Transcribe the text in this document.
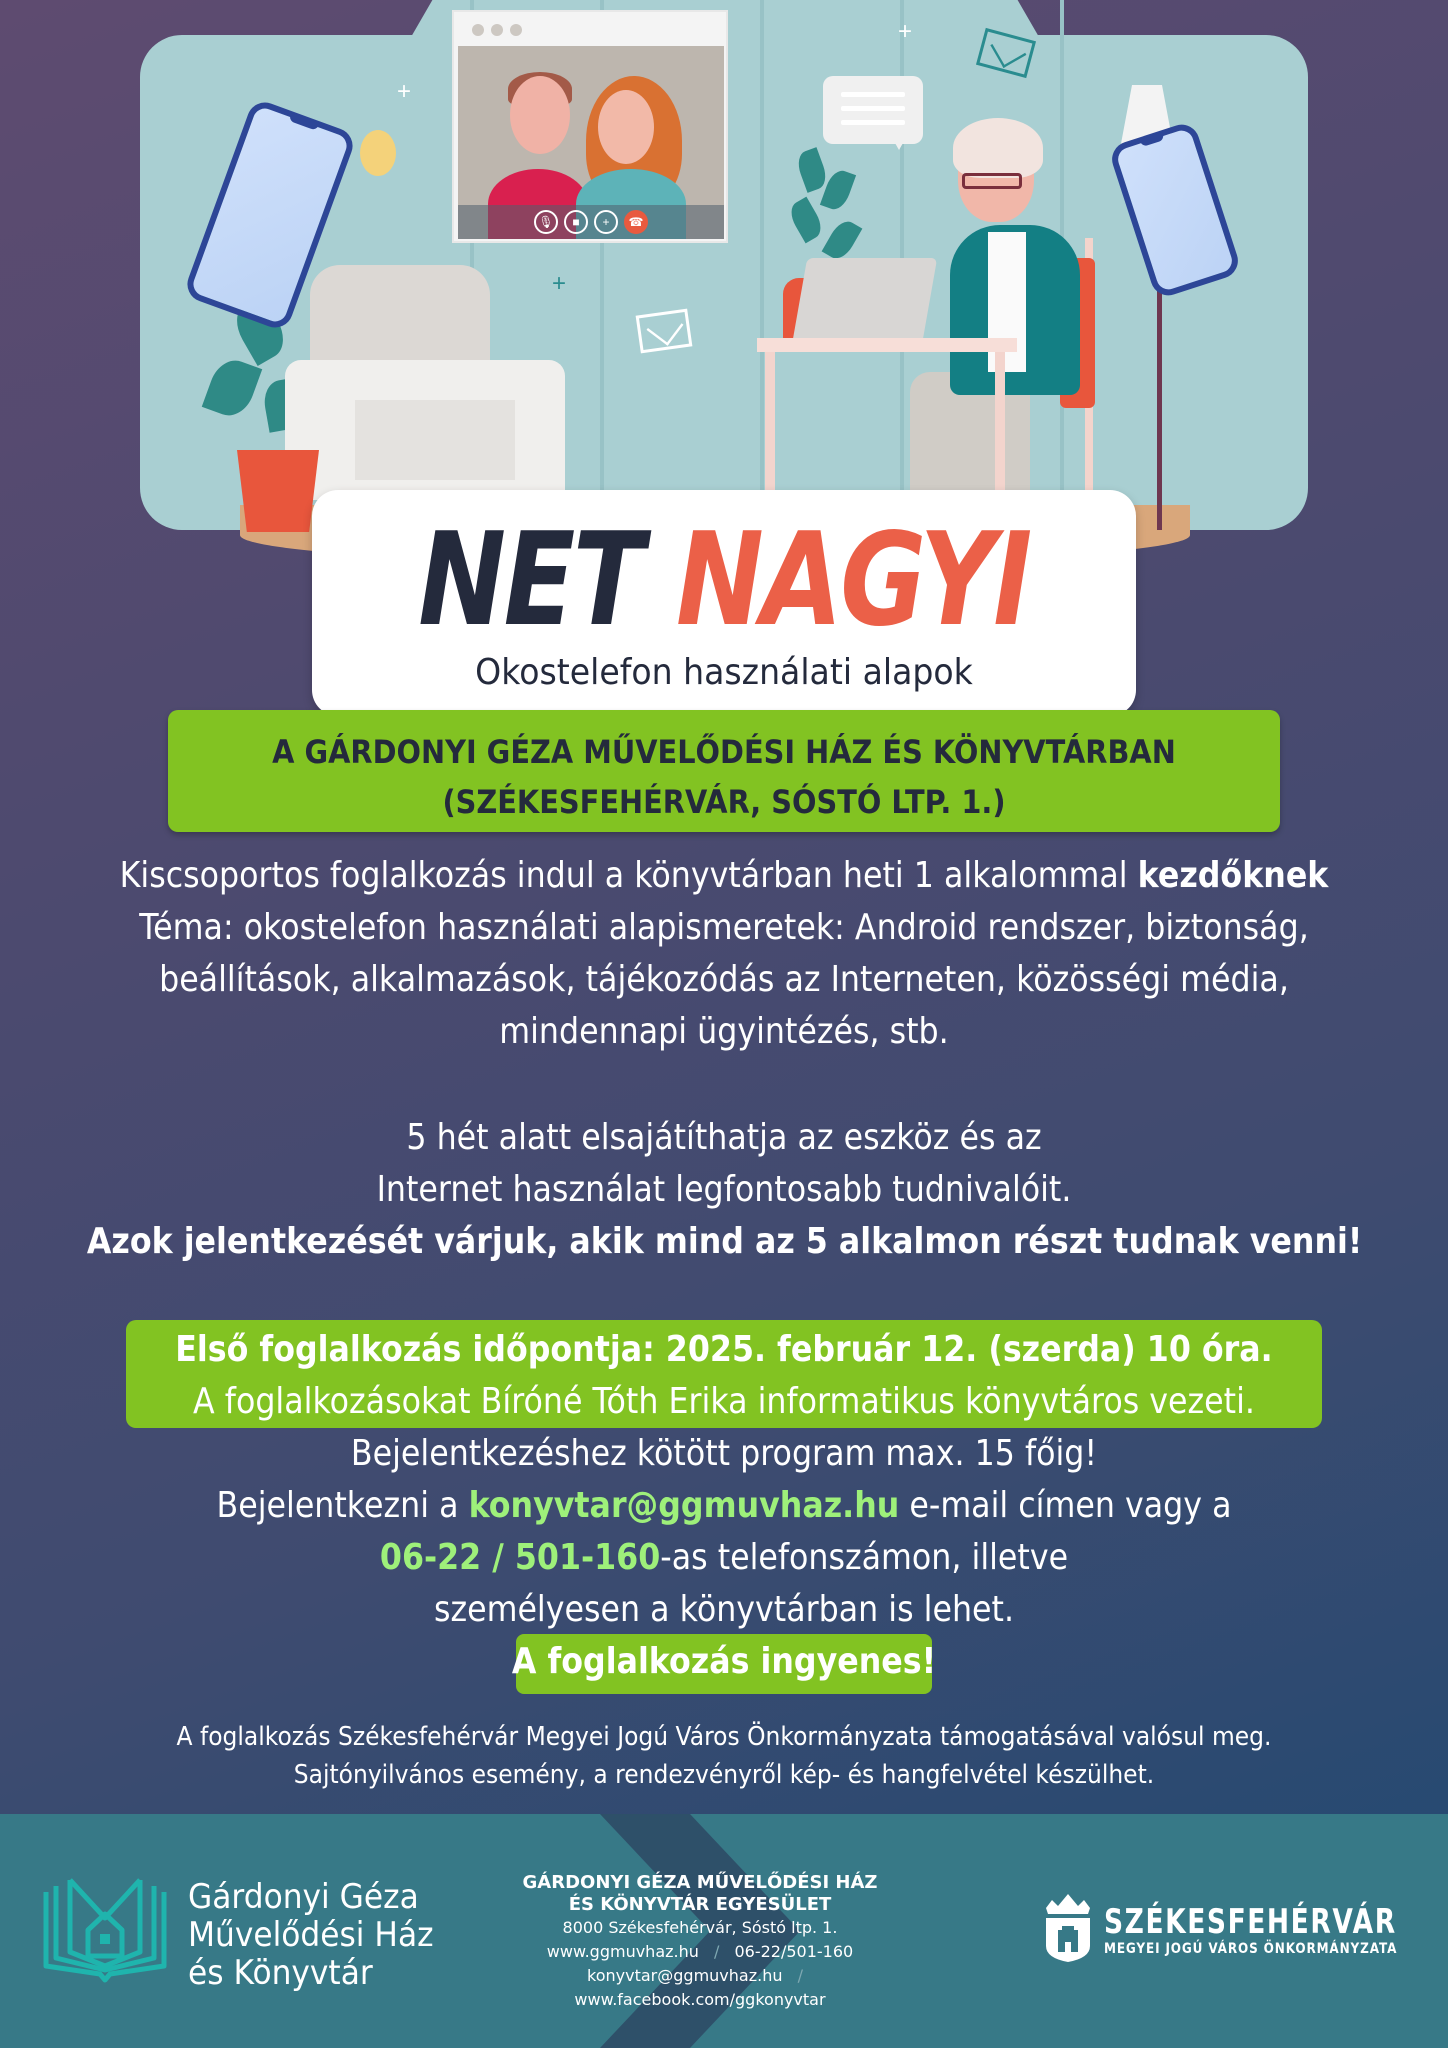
+
+
+
🎙	■	+	☎
NET NAGYI
Okostelefon használati alapok
A GÁRDONYI GÉZA MŰVELŐDÉSI HÁZ ÉS KÖNYVTÁRBAN
(SZÉKESFEHÉRVÁR, SÓSTÓ LTP. 1.)
Kiscsoportos foglalkozás indul a könyvtárban heti 1 alkalommal kezdőknek
Téma: okostelefon használati alapismeretek: Android rendszer, biztonság,
beállítások, alkalmazások, tájékozódás az Interneten, közösségi média,
mindennapi ügyintézés, stb.
5 hét alatt elsajátíthatja az eszköz és az
Internet használat legfontosabb tudnivalóit.
Azok jelentkezését várjuk, akik mind az 5 alkalmon részt tudnak venni!
Első foglalkozás időpontja: 2025. február 12. (szerda) 10 óra.
A foglalkozásokat Bíróné Tóth Erika informatikus könyvtáros vezeti.
Bejelentkezéshez kötött program max. 15 főig!
Bejelentkezni a konyvtar@ggmuvhaz.hu e-mail címen vagy a
06-22 / 501-160-as telefonszámon, illetve
személyesen a könyvtárban is lehet.
A foglalkozás ingyenes!
A foglalkozás Székesfehérvár Megyei Jogú Város Önkormányzata támogatásával valósul meg.
Sajtónyilvános esemény, a rendezvényről kép- és hangfelvétel készülhet.
Gárdonyi Géza
Művelődési Ház
és Könyvtár
GÁRDONYI GÉZA MŰVELŐDÉSI HÁZ
ÉS KÖNYVTÁR EGYESÜLET
8000 Székesfehérvár, Sóstó ltp. 1.
www.ggmuvhaz.hu / 06-22/501-160
konyvtar@ggmuvhaz.hu / www.facebook.com/ggkonyvtar
SZÉKESFEHÉRVÁR
MEGYEI JOGÚ VÁROS ÖNKORMÁNYZATA
